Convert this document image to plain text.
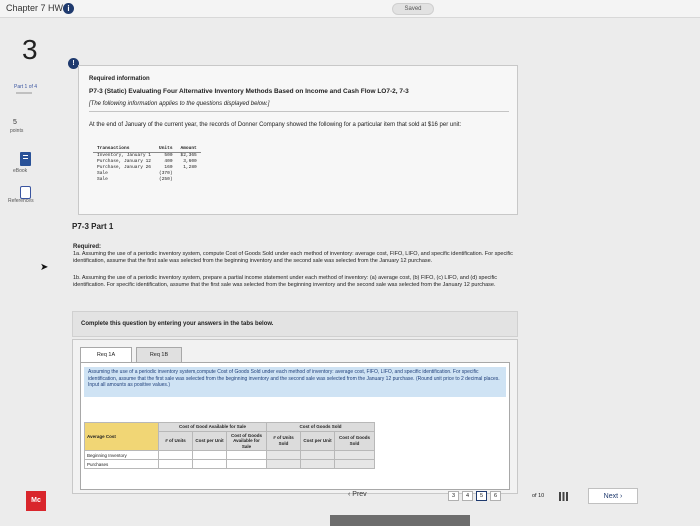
Chapter 7 HW i	Saved
3
Part 1 of 4
5
points
eBook
References
➤
Mc
!
Required information
P7-3 (Static) Evaluating Four Alternative Inventory Methods Based on Income and Cash Flow LO7-2, 7-3
[The following information applies to the questions displayed below.]
At the end of January of the current year, the records of Donner Company showed the following for a particular item that sold at $16 per unit:
Transactions	Units	Amount
Inventory, January 1	500	$2,365
Purchase, January 12	400	3,600
Purchase, January 26	160	1,280
Sale	(370)	
Sale	(250)	
P7-3 Part 1
Required:
1a. Assuming the use of a periodic inventory system, compute Cost of Goods Sold under each method of inventory: average cost, FIFO, LIFO, and specific identification. For specific identification, assume that the first sale was selected from the beginning inventory and the second sale was selected from the January 12 purchase.
1b. Assuming the use of a periodic inventory system, prepare a partial income statement under each method of inventory: (a) average cost, (b) FIFO, (c) LIFO, and (d) specific identification. For specific identification, assume that the first sale was selected from the beginning inventory and the second sale was selected from the January 12 purchase.
Complete this question by entering your answers in the tabs below.
Req 1A	Req 1B
Assuming the use of a periodic inventory system,compute Cost of Goods Sold under each method of inventory: average cost, FIFO, LIFO, and specific identification. For specific identification, assume that the first sale was selected from the beginning inventory and the second sale was selected from the January 12 purchase. (Round unit price to 2 decimal places. Input all amounts as positive values.)
Average Cost	Cost of Good Available for Sale			Cost of Goods Sold		
	# of Units	Cost per Unit	Cost of Goods Available for Sale	# of Units Sold	Cost per Unit	Cost of Goods Sold
Beginning Inventory						
Purchases						
‹ Prev	3	4	5	6	of 10	Next ›
